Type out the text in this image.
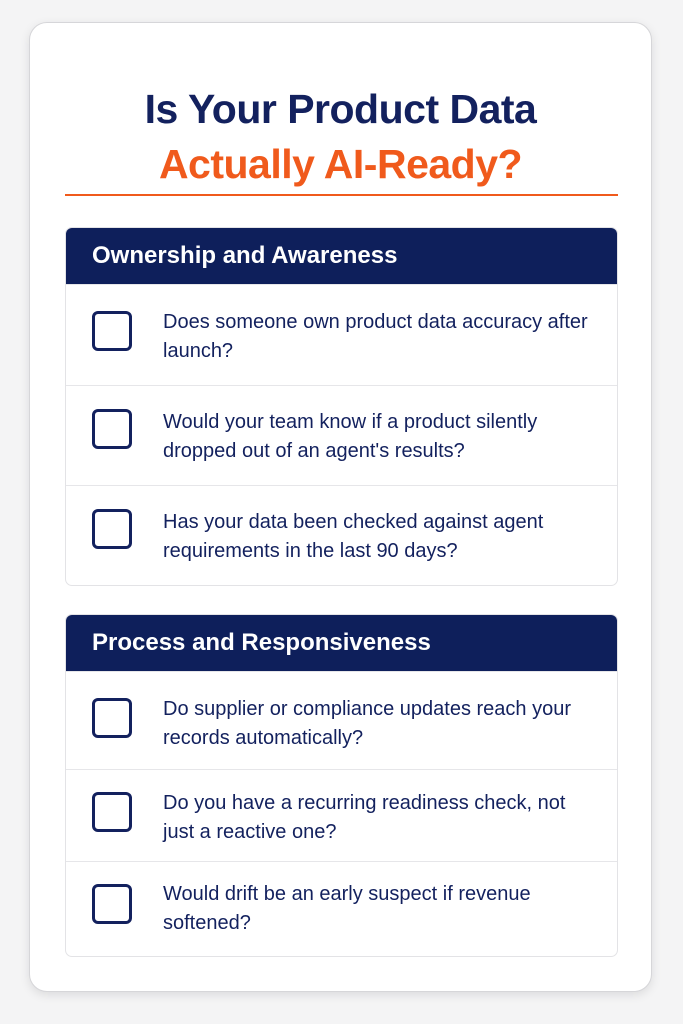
Is Your Product Data
Actually AI-Ready?
Ownership and Awareness
Does someone own product data accuracy after launch?
Would your team know if a product silently dropped out of an agent's results?
Has your data been checked against agent requirements in the last 90 days?
Process and Responsiveness
Do supplier or compliance updates reach your records automatically?
Do you have a recurring readiness check, not just a reactive one?
Would drift be an early suspect if revenue softened?
